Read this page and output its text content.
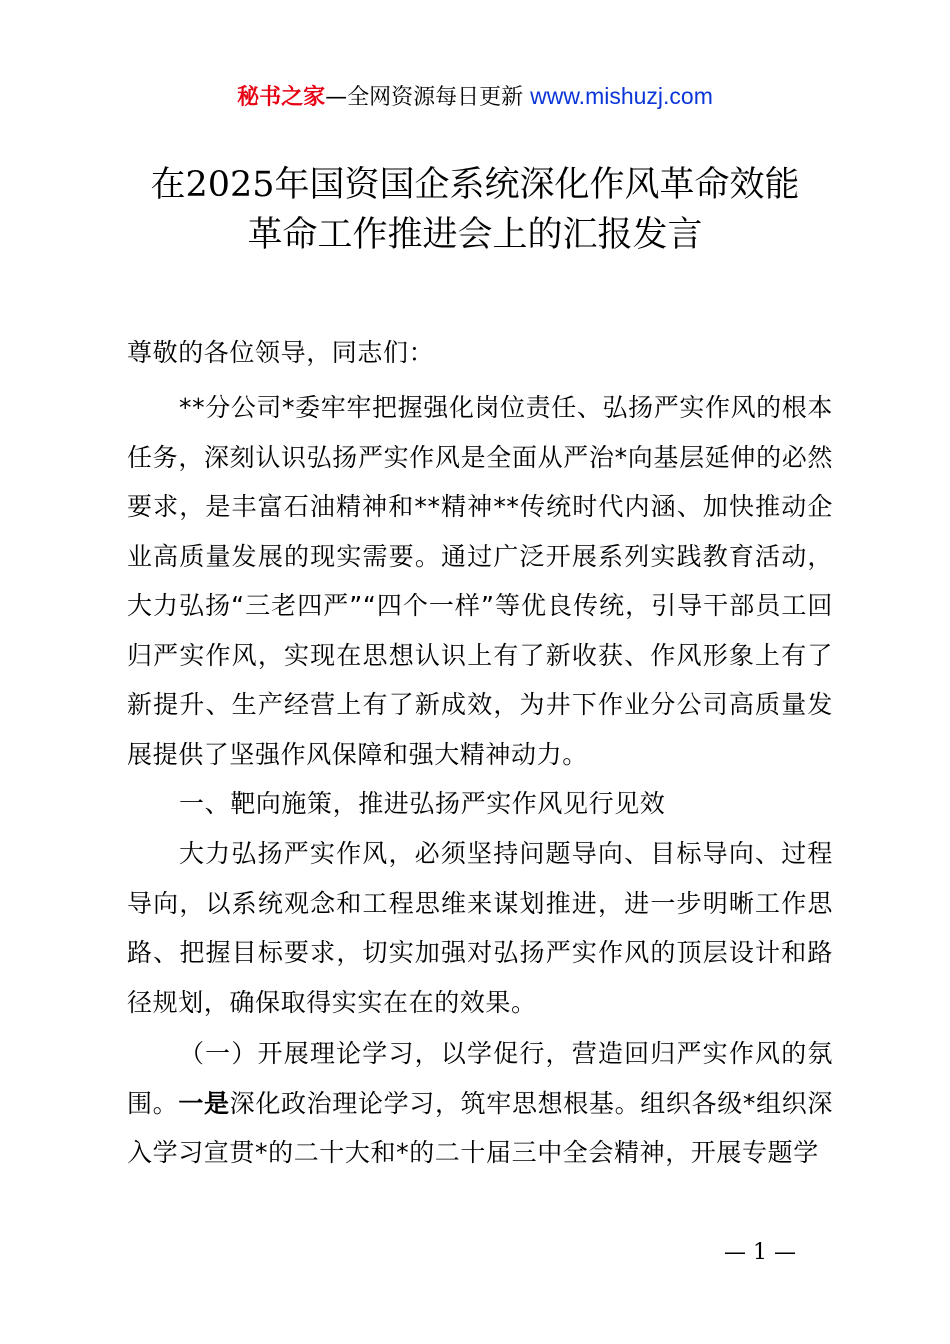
秘书之家—全网资源每日更新 www.mishuzj.com
在2025年国资国企系统深化作风革命效能
革命工作推进会上的汇报发言
尊敬的各位领导，同志们：

**分公司*委牢牢把握强化岗位责任、弘扬严实作风的根本任务，深刻认识弘扬严实作风是全面从严治*向基层延伸的必然要求，是丰富石油精神和**精神**传统时代内涵、加快推动企业高质量发展的现实需要。通过广泛开展系列实践教育活动，大力弘扬“三老四严”“四个一样”等优良传统，引导干部员工回归严实作风，实现在思想认识上有了新收获、作风形象上有了新提升、生产经营上有了新成效，为井下作业分公司高质量发展提供了坚强作风保障和强大精神动力。

一、靶向施策，推进弘扬严实作风见行见效

大力弘扬严实作风，必须坚持问题导向、目标导向、过程导向，以系统观念和工程思维来谋划推进，进一步明晰工作思路、把握目标要求，切实加强对弘扬严实作风的顶层设计和路径规划，确保取得实实在在的效果。

（一）开展理论学习，以学促行，营造回归严实作风的氛围。一是深化政治理论学习，筑牢思想根基。组织各级*组织深入学习宣贯*的二十大和*的二十届三中全会精神，开展专题学

— 1 —
